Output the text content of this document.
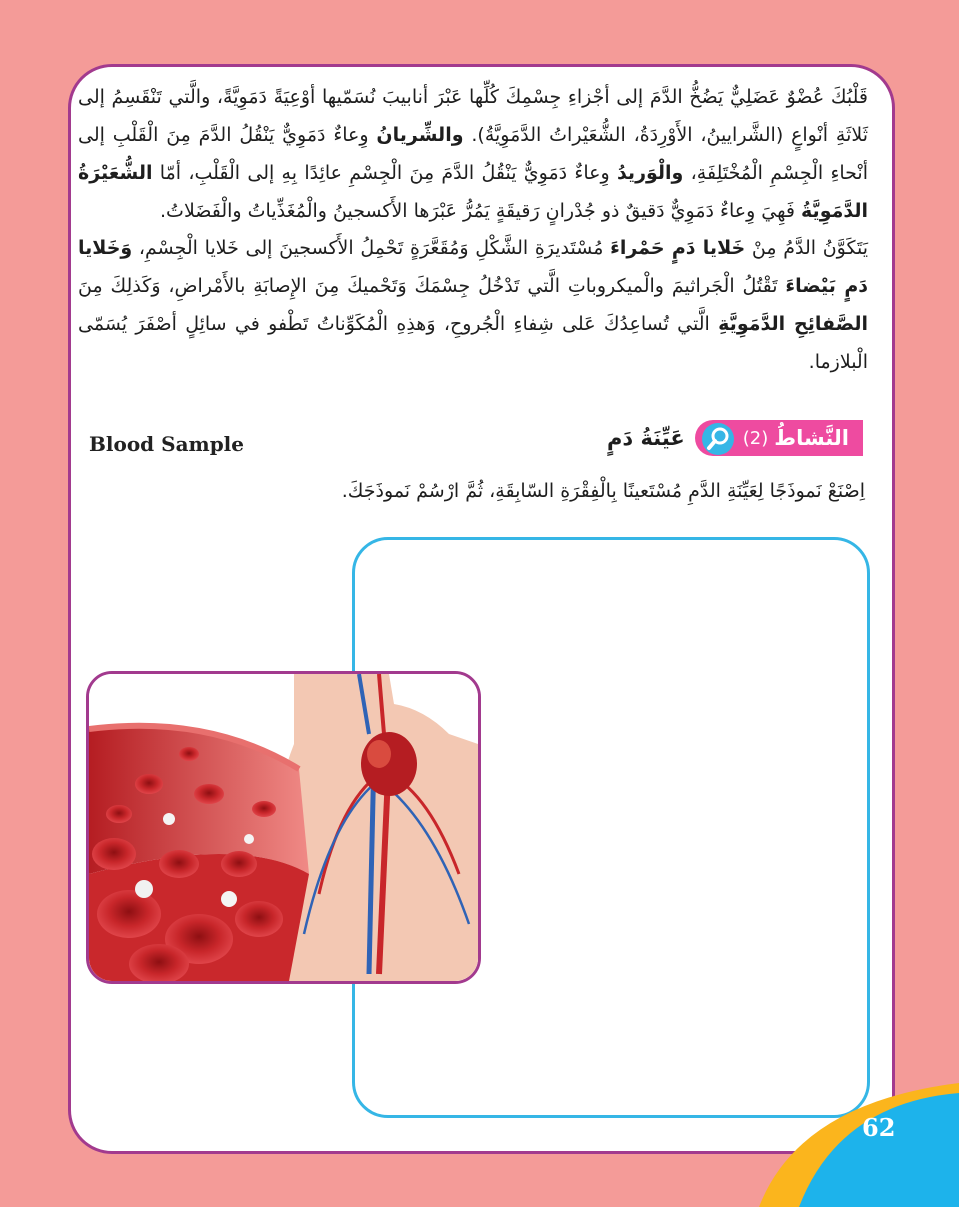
قَلْبُكَ عُضْوٌ عَضَلِيٌّ يَضُخُّ الدَّمَ إلى أجْزاءِ جِسْمِكَ كُلِّها عَبْرَ أنابيبَ نُسَمّيها أوْعِيَةً دَمَوِيَّةً، والَّتي تَنْقَسِمُ إلى ثَلاثَةِ أنْواعٍ (الشَّرايينُ، الأَوْرِدَةُ، الشُّعَيْراتُ الدَّمَوِيَّةُ). والشِّريانُ وِعاءٌ دَمَوِيٌّ يَنْقُلُ الدَّمَ مِنَ الْقَلْبِ إلى أنْحاءِ الْجِسْمِ الْمُخْتَلِفَةِ، والْوَريدُ وِعاءٌ دَمَوِيٌّ يَنْقُلُ الدَّمَ مِنَ الْجِسْمِ عائِدًا بِهِ إلى الْقَلْبِ، أمّا الشُّعَيْرَةُ الدَّمَوِيَّةُ فَهِيَ وِعاءٌ دَمَوِيٌّ دَقيقٌ ذو جُدْرانٍ رَقيقَةٍ يَمُرُّ عَبْرَها الأَكسجينُ والْمُغَذِّياتُ والْفَضَلاتُ.

يَتَكَوَّنُ الدَّمُ مِنْ خَلايا دَمٍ حَمْراءَ مُسْتَديرَةِ الشَّكْلِ وَمُقَعَّرَةٍ تَحْمِلُ الأَكسجينَ إلى خَلايا الْجِسْمِ، وَخَلايا دَمٍ بَيْضاءَ تَقْتُلُ الْجَراثيمَ والْميكروباتِ الَّتي تَدْخُلُ جِسْمَكَ وَتَحْميكَ مِنَ الإِصابَةِ بالأَمْراضِ، وَكَذلِكَ مِنَ الصَّفائِحِ الدَّمَوِيَّةِ الَّتي تُساعِدُكَ عَلى شِفاءِ الْجُروحِ، وَهذِهِ الْمُكَوِّناتُ تَطْفو في سائِلٍ أصْفَرَ يُسَمّى الْبلازما.

Blood Sample	النَّشاطُ
(2)
عَيِّنَةُ دَمٍ
اِصْنَعْ نَموذَجًا لِعَيِّنَةِ الدَّمِ مُسْتَعينًا بِالْفِقْرَةِ السّابِقَةِ، ثُمَّ ارْسُمْ نَموذَجَكَ.
62
